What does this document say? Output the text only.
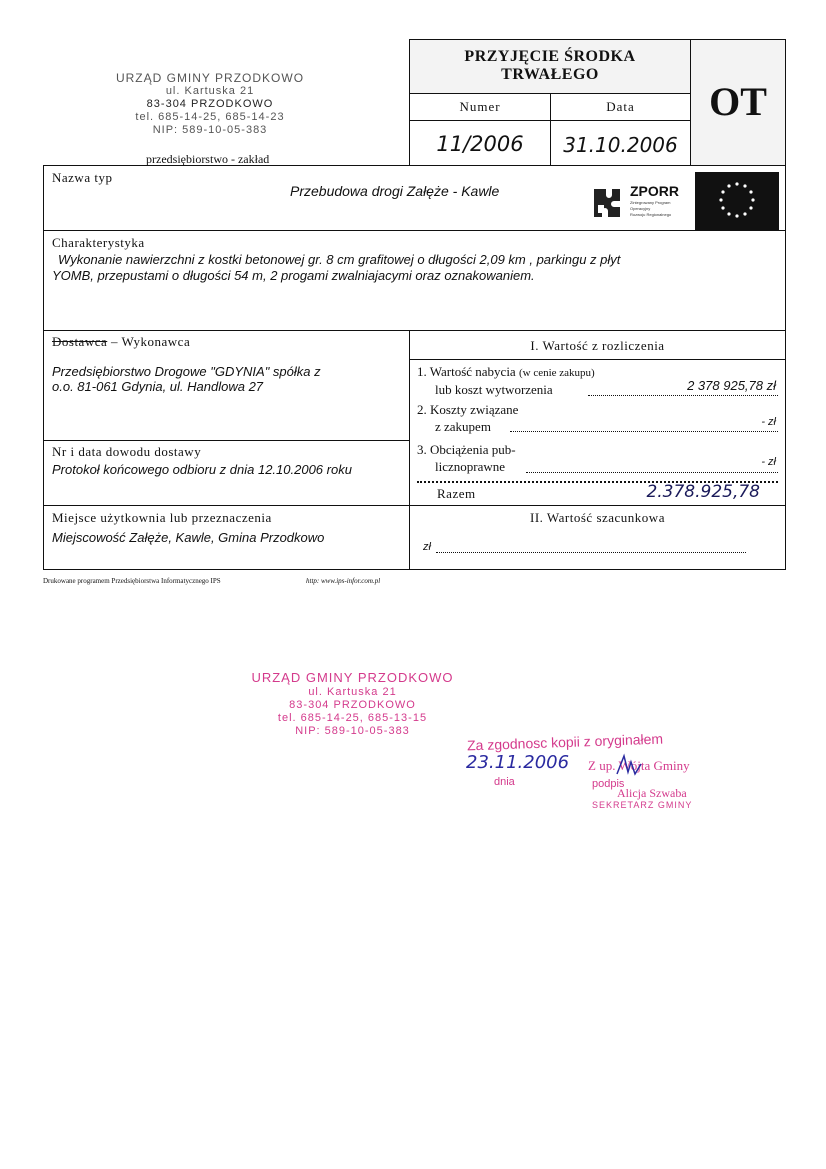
URZĄD GMINY PRZODKOWO
ul. Kartuska 21
83-304 PRZODKOWO
tel. 685-14-25, 685-14-23
NIP: 589-10-05-383
przedsiębiorstwo - zakład
PRZYJĘCIE ŚRODKA
TRWAŁEGO
Numer	Data
11/2006	31.10.2006
OT
Nazwa typ
Przebudowa drogi Załęże - Kawle	ZPORR
Zintegrowany Program
Operacyjny
Rozwoju Regionalnego
Charakterystyka
Wykonanie nawierzchni z kostki betonowej gr. 8 cm grafitowej o długości 2,09 km , parkingu z płyt
YOMB, przepustami o długości 54 m, 2 progami zwalniajacymi oraz oznakowaniem.
Dostawca – Wykonawca
Przedsiębiorstwo Drogowe "GDYNIA" spółka z
o.o. 81-061 Gdynia, ul. Handlowa 27
Nr i data dowodu dostawy
Protokoł końcowego odbioru z dnia 12.10.2006 roku
I. Wartość z rozliczenia
1. Wartość nabycia (w cenie zakupu)
lub koszt wytworzenia	2 378 925,78 zł
2. Koszty związane
z zakupem	- zł
3. Obciążenia pub-
licznoprawne	- zł
Razem	2.378.925,78
Miejsce użytkownia lub przeznaczenia
Miejscowość Załęże, Kawle, Gmina Przodkowo
II. Wartość szacunkowa
zł
Drukowane programem Przedsiębiorstwa Informatycznego IPS	http: www.ips-infor.com.pl
URZĄD GMINY PRZODKOWO
ul. Kartuska 21
83-304 PRZODKOWO
tel. 685-14-25, 685-13-15
NIP: 589-10-05-383	Za zgodnosc kopii z oryginałem
23.11.2006
dnia
Z up. Wójta Gminy
podpis
Alicja Szwaba
SEKRETARZ GMINY
